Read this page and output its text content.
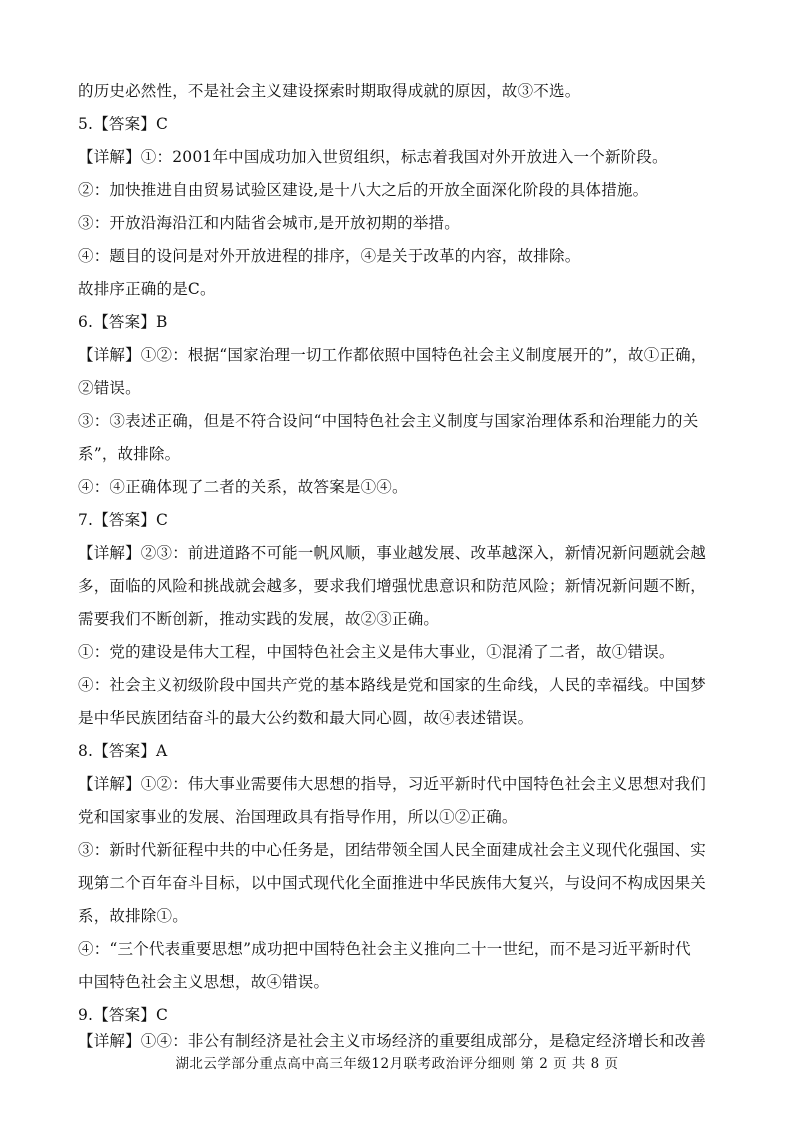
的历史必然性，不是社会主义建设探索时期取得成就的原因，故③不选。
5.【答案】C
【详解】①：2001年中国成功加入世贸组织，标志着我国对外开放进入一个新阶段。
②：加快推进自由贸易试验区建设,是十八大之后的开放全面深化阶段的具体措施。
③：开放沿海沿江和内陆省会城市,是开放初期的举措。
④：题目的设问是对外开放进程的排序，④是关于改革的内容，故排除。
故排序正确的是C。
6.【答案】B
【详解】①②：根据“国家治理一切工作都依照中国特色社会主义制度展开的”，故①正确，
②错误。
③：③表述正确，但是不符合设问“中国特色社会主义制度与国家治理体系和治理能力的关
系”，故排除。
④：④正确体现了二者的关系，故答案是①④。
7.【答案】C
【详解】②③：前进道路不可能一帆风顺，事业越发展、改革越深入，新情况新问题就会越
多，面临的风险和挑战就会越多，要求我们增强忧患意识和防范风险；新情况新问题不断，
需要我们不断创新，推动实践的发展，故②③正确。
①：党的建设是伟大工程，中国特色社会主义是伟大事业，①混淆了二者，故①错误。
④：社会主义初级阶段中国共产党的基本路线是党和国家的生命线，人民的幸福线。中国梦
是中华民族团结奋斗的最大公约数和最大同心圆，故④表述错误。
8.【答案】A
【详解】①②：伟大事业需要伟大思想的指导，习近平新时代中国特色社会主义思想对我们
党和国家事业的发展、治国理政具有指导作用，所以①②正确。
③：新时代新征程中共的中心任务是，团结带领全国人民全面建成社会主义现代化强国、实
现第二个百年奋斗目标，以中国式现代化全面推进中华民族伟大复兴，与设问不构成因果关
系，故排除①。
④：“三个代表重要思想”成功把中国特色社会主义推向二十一世纪，而不是习近平新时代
中国特色社会主义思想，故④错误。
9.【答案】C
【详解】①④：非公有制经济是社会主义市场经济的重要组成部分，是稳定经济增长和改善
湖北云学部分重点高中高三年级12月联考政治评分细则 第 2 页 共 8 页
